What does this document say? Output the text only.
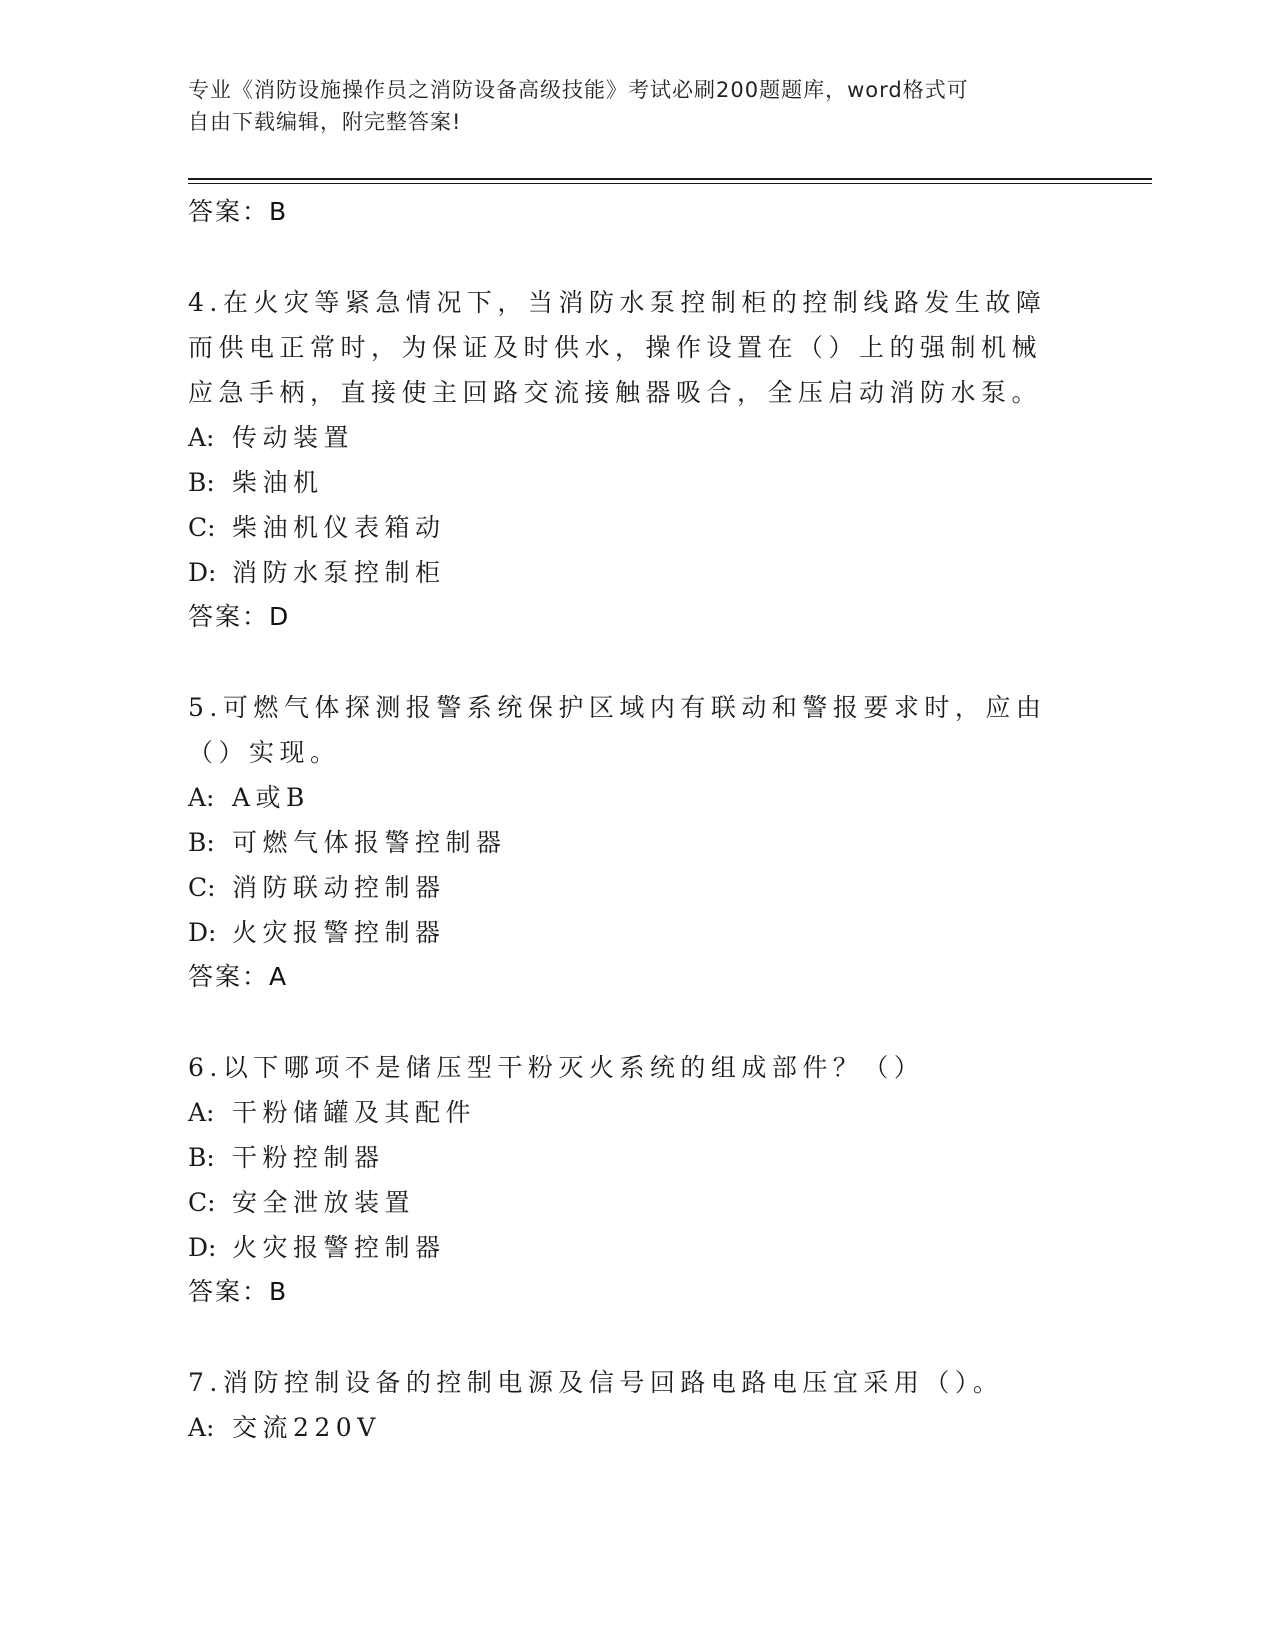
专业《消防设施操作员之消防设备高级技能》考试必刷200题题库，word格式可
自由下载编辑，附完整答案!
答案：B
4.在火灾等紧急情况下，当消防水泵控制柜的控制线路发生故障而供电正常时，为保证及时供水，操作设置在（）上的强制机械应急手柄，直接使主回路交流接触器吸合，全压启动消防水泵。
A: 传动装置
B: 柴油机
C: 柴油机仪表箱动
D: 消防水泵控制柜
答案：D
5.可燃气体探测报警系统保护区域内有联动和警报要求时，应由（）实现。
A: A或B
B: 可燃气体报警控制器
C: 消防联动控制器
D: 火灾报警控制器
答案：A
6.以下哪项不是储压型干粉灭火系统的组成部件？（）
A: 干粉储罐及其配件
B: 干粉控制器
C: 安全泄放装置
D: 火灾报警控制器
答案：B
7.消防控制设备的控制电源及信号回路电路电压宜采用（）。
A: 交流220V
